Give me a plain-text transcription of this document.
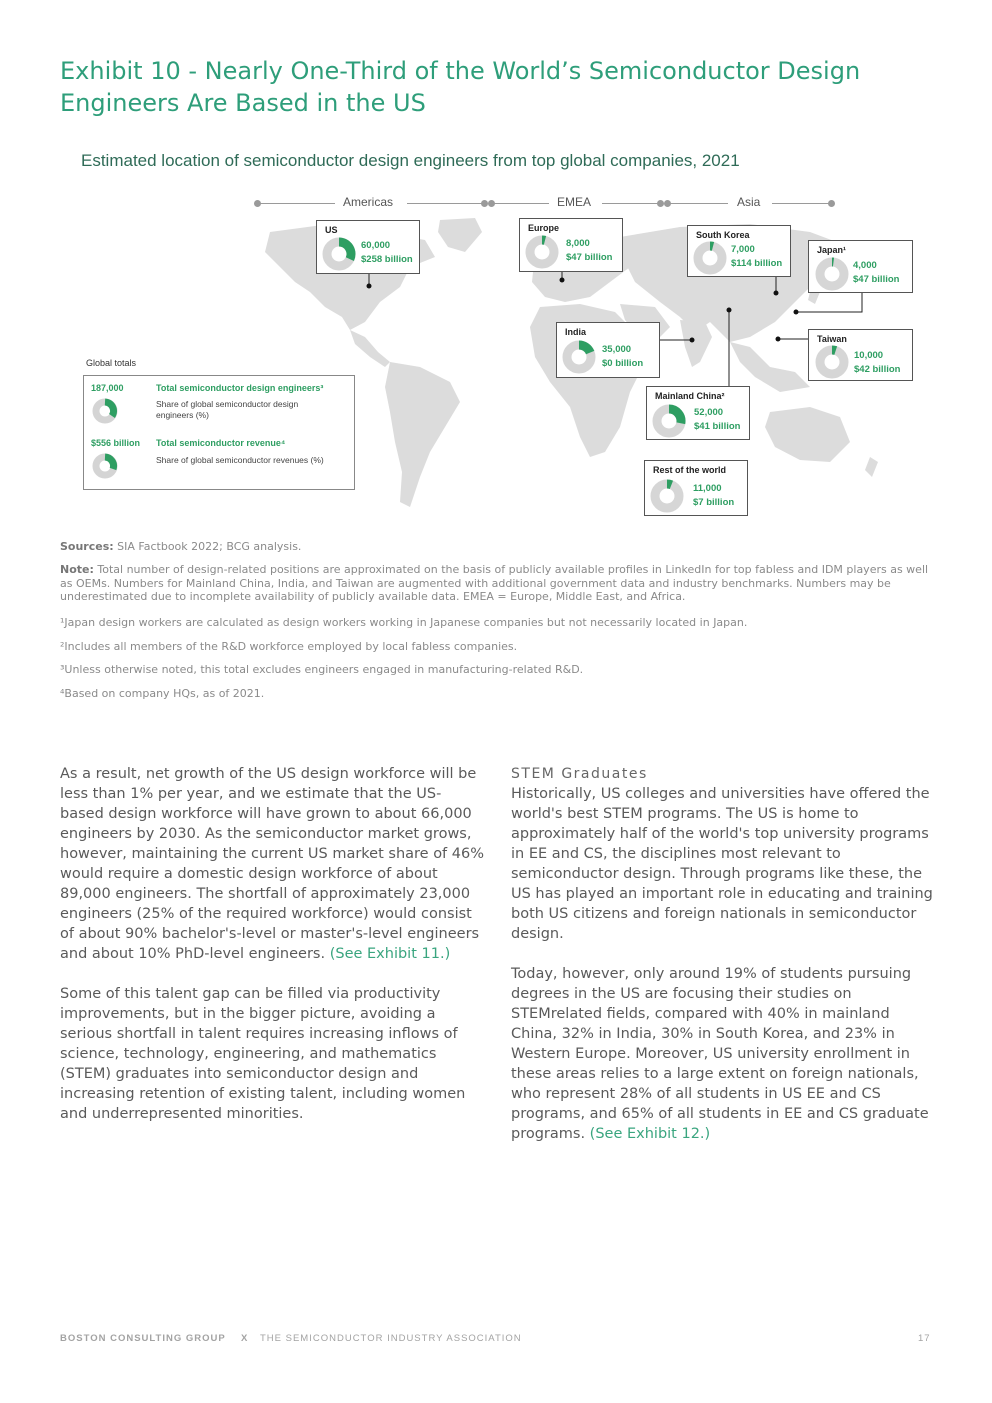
Exhibit 10 - Nearly One-Third of the World’s Semiconductor Design Engineers Are Based in the US
Estimated location of semiconductor design engineers from top global companies, 2021
Americas	EMEA	Asia
US
60,000
$258 billion
Europe
8,000
$47 billion
South Korea
7,000
$114 billion
Japan¹
4,000
$47 billion
India
35,000
$0 billion
Taiwan
10,000
$42 billion
Mainland China²
52,000
$41 billion
Rest of the world
11,000
$7 billion
Global totals
187,000	Total semiconductor design engineers³
Share of global semiconductor design engineers (%)
$556 billion Total semiconductor revenue⁴
Share of global semiconductor revenues (%)
Sources: SIA Factbook 2022; BCG analysis.
Note: Total number of design-related positions are approximated on the basis of publicly available profiles in LinkedIn for top fabless and IDM players as well as OEMs. Numbers for Mainland China, India, and Taiwan are augmented with additional government data and industry benchmarks. Numbers may be underestimated due to incomplete availability of publicly available data. EMEA = Europe, Middle East, and Africa.
¹Japan design workers are calculated as design workers working in Japanese companies but not necessarily located in Japan.
²Includes all members of the R&D workforce employed by local fabless companies.
³Unless otherwise noted, this total excludes engineers engaged in manufacturing-related R&D.
⁴Based on company HQs, as of 2021.

As a result, net growth of the US design workforce will be less than 1% per year, and we estimate that the US-based design workforce will have grown to about 66,000 engineers by 2030. As the semiconductor market grows, however, maintaining the current US market share of 46% would require a domestic design workforce of about 89,000 engineers. The shortfall of approximately 23,000 engineers (25% of the required workforce) would consist of about 90% bachelor's-level or master's-level engineers and about 10% PhD-level engineers. (See Exhibit 11.)

Some of this talent gap can be filled via productivity improvements, but in the bigger picture, avoiding a serious shortfall in talent requires increasing inflows of science, technology, engineering, and mathematics (STEM) graduates into semiconductor design and increasing retention of existing talent, including women and underrepresented minorities.

STEM Graduates

Historically, US colleges and universities have offered the world's best STEM programs. The US is home to approximately half of the world's top university programs in EE and CS, the disciplines most relevant to semiconductor design. Through programs like these, the US has played an important role in educating and training both US citizens and foreign nationals in semiconductor design.

Today, however, only around 19% of students pursuing degrees in the US are focusing their studies on STEMrelated fields, compared with 40% in mainland China, 32% in India, 30% in South Korea, and 23% in Western Europe. Moreover, US university enrollment in these areas relies to a large extent on foreign nationals, who represent 28% of all students in US EE and CS programs, and 65% of all students in EE and CS graduate programs. (See Exhibit 12.)

BOSTON CONSULTING GROUP X THE SEMICONDUCTOR INDUSTRY ASSOCIATION	17
